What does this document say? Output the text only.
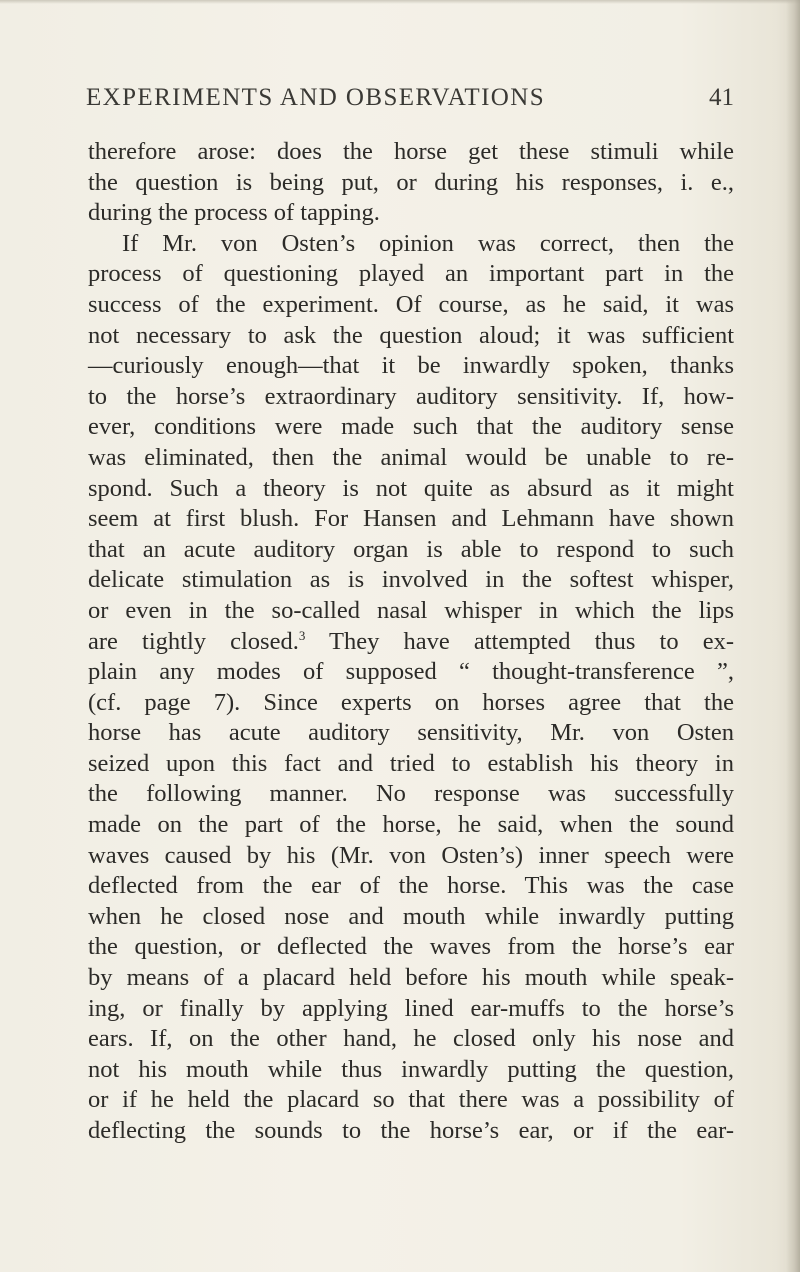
EXPERIMENTS AND OBSERVATIONS	41
therefore arose: does the horse get these stimuli while
the question is being put, or during his responses, i. e.,
during the process of tapping.
If Mr. von Osten’s opinion was correct, then the
process of questioning played an important part in the
success of the experiment. Of course, as he said, it was
not necessary to ask the question aloud; it was sufficient
—curiously enough—that it be inwardly spoken, thanks
to the horse’s extraordinary auditory sensitivity. If, how-
ever, conditions were made such that the auditory sense
was eliminated, then the animal would be unable to re-
spond. Such a theory is not quite as absurd as it might
seem at first blush. For Hansen and Lehmann have shown
that an acute auditory organ is able to respond to such
delicate stimulation as is involved in the softest whisper,
or even in the so-called nasal whisper in which the lips
are tightly closed.$^3$ They have attempted thus to ex-
plain any modes of supposed “ thought-transference ”,
(cf. page 7). Since experts on horses agree that the
horse has acute auditory sensitivity, Mr. von Osten
seized upon this fact and tried to establish his theory in
the following manner. No response was successfully
made on the part of the horse, he said, when the sound
waves caused by his (Mr. von Osten’s) inner speech were
deflected from the ear of the horse. This was the case
when he closed nose and mouth while inwardly putting
the question, or deflected the waves from the horse’s ear
by means of a placard held before his mouth while speak-
ing, or finally by applying lined ear-muffs to the horse’s
ears. If, on the other hand, he closed only his nose and
not his mouth while thus inwardly putting the question,
or if he held the placard so that there was a possibility of
deflecting the sounds to the horse’s ear, or if the ear-
